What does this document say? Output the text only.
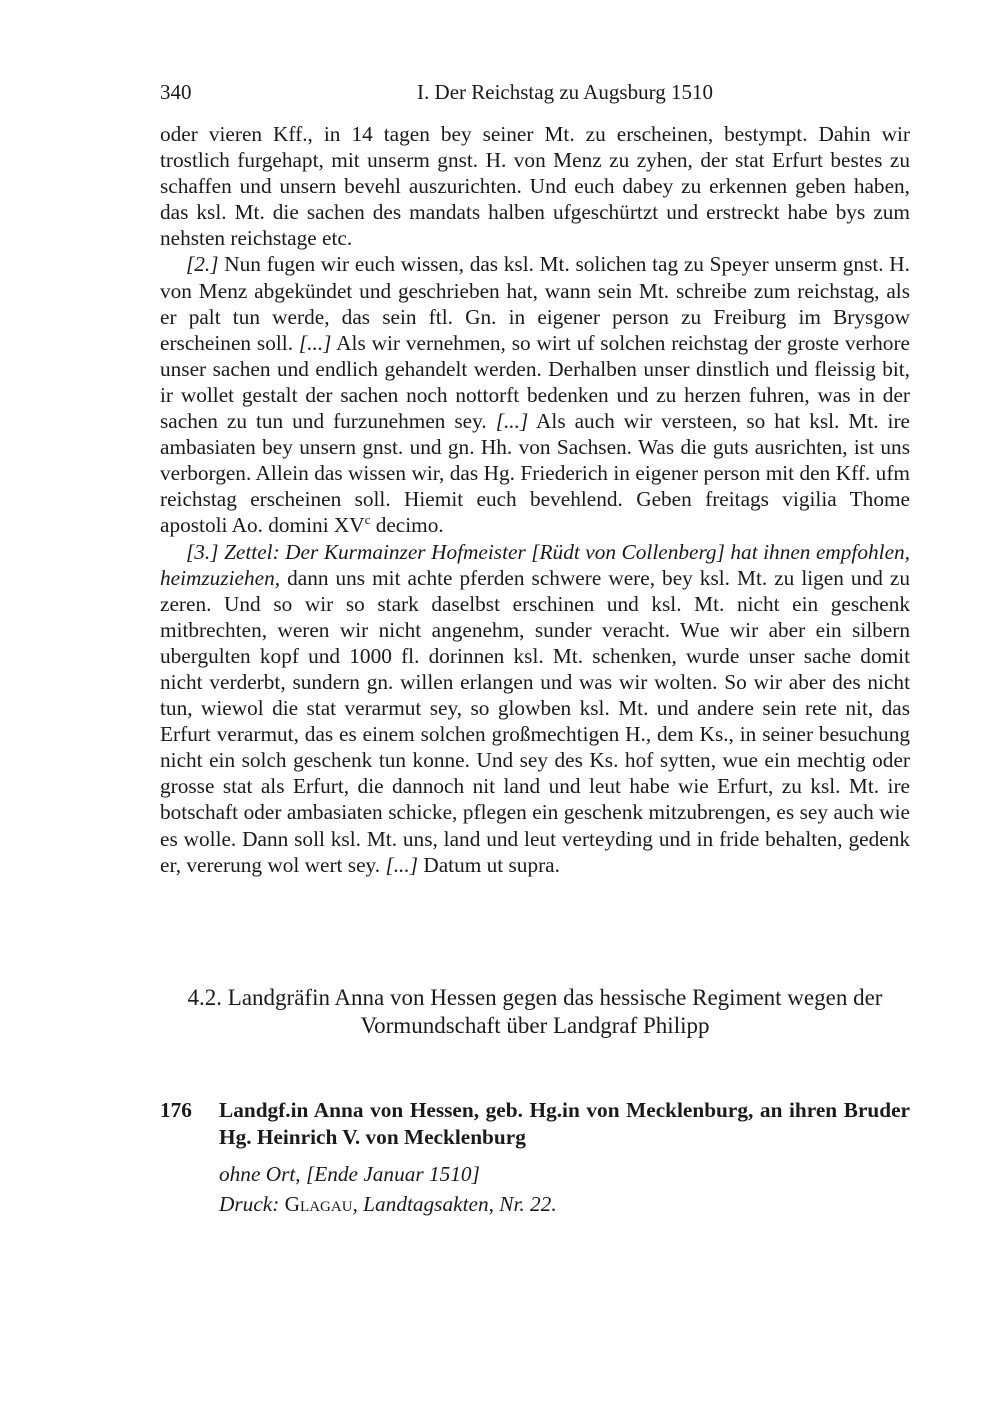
340	I. Der Reichstag zu Augsburg 1510

oder vieren Kff., in 14 tagen bey seiner Mt. zu erscheinen, bestympt. Dahin wir trostlich furgehapt, mit unserm gnst. H. von Menz zu zyhen, der stat Erfurt bestes zu schaffen und unsern bevehl auszurichten. Und euch dabey zu erkennen geben haben, das ksl. Mt. die sachen des mandats halben ufgeschürtzt und erstreckt habe bys zum nehsten reichstage etc.

[2.] Nun fugen wir euch wissen, das ksl. Mt. solichen tag zu Speyer unserm gnst. H. von Menz abgekündet und geschrieben hat, wann sein Mt. schreibe zum reichstag, als er palt tun werde, das sein ftl. Gn. in eigener person zu Freiburg im Brysgow erscheinen soll. [...] Als wir vernehmen, so wirt uf solchen reichstag der groste verhore unser sachen und endlich gehandelt werden. Derhalben unser dinstlich und fleissig bit, ir wollet gestalt der sachen noch nottorft bedenken und zu herzen fuhren, was in der sachen zu tun und furzunehmen sey. [...] Als auch wir versteen, so hat ksl. Mt. ire ambasiaten bey unsern gnst. und gn. Hh. von Sachsen. Was die guts ausrichten, ist uns verborgen. Allein das wissen wir, das Hg. Friederich in eigener person mit den Kff. ufm reichstag erscheinen soll. Hiemit euch bevehlend. Geben freitags vigilia Thome apostoli Ao. domini $XV^c$ decimo.

[3.] Zettel: Der Kurmainzer Hofmeister [Rüdt von Collenberg] hat ihnen empfohlen, heimzuziehen, dann uns mit achte pferden schwere were, bey ksl. Mt. zu ligen und zu zeren. Und so wir so stark daselbst erschinen und ksl. Mt. nicht ein geschenk mitbrechten, weren wir nicht angenehm, sunder veracht. Wue wir aber ein silbern ubergulten kopf und 1000 fl. dorinnen ksl. Mt. schenken, wurde unser sache domit nicht verderbt, sundern gn. willen erlangen und was wir wolten. So wir aber des nicht tun, wiewol die stat verarmut sey, so glowben ksl. Mt. und andere sein rete nit, das Erfurt verarmut, das es einem solchen großmechtigen H., dem Ks., in seiner besuchung nicht ein solch geschenk tun konne. Und sey des Ks. hof sytten, wue ein mechtig oder grosse stat als Erfurt, die dannoch nit land und leut habe wie Erfurt, zu ksl. Mt. ire botschaft oder ambasiaten schicke, pflegen ein geschenk mitzubrengen, es sey auch wie es wolle. Dann soll ksl. Mt. uns, land und leut verteyding und in fride behalten, gedenk er, vererung wol wert sey. [...] Datum ut supra.

4.2. Landgräfin Anna von Hessen gegen das hessische Regiment wegen der Vormundschaft über Landgraf Philipp
176 Landgf.in Anna von Hessen, geb. Hg.in von Mecklenburg, an ihren Bruder Hg. Heinrich V. von Mecklenburg
ohne Ort, [Ende Januar 1510]
Druck: Glagau, Landtagsakten, Nr. 22.
